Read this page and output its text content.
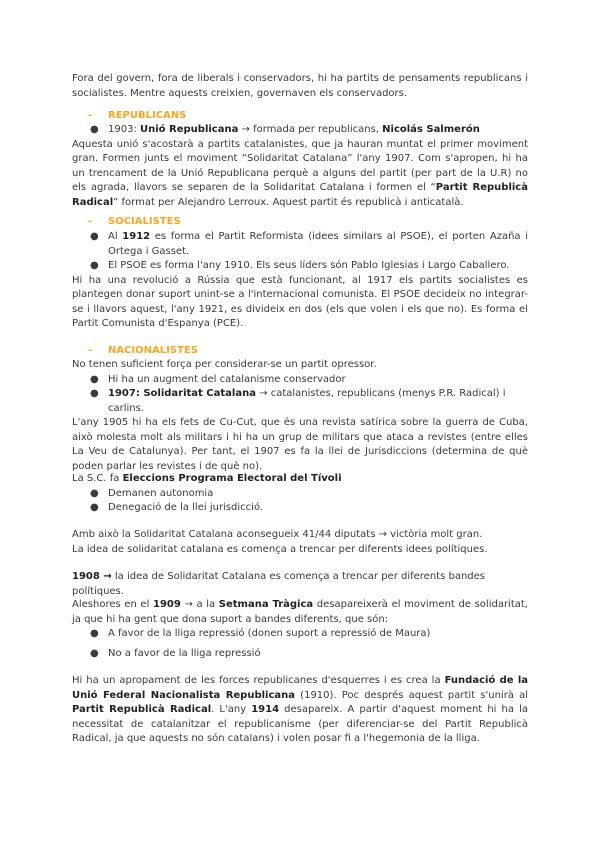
Fora del govern, fora de liberals i conservadors, hi ha partits de pensaments republicans i socialistes. Mentre aquests creixien, governaven els conservadors.
- REPUBLICANS
● 1903: Unió Republicana → formada per republicans, Nicolás Salmerón
Aquesta unió s'acostarà a partits catalanistes, que ja hauran muntat el primer moviment gran. Formen junts el moviment “Solidaritat Catalana” l'any 1907. Com s'apropen, hi ha un trencament de la Unió Republicana perquè a alguns del partit (per part de la U.R) no els agrada, llavors se separen de la Solidaritat Catalana i formen el “Partit Republicà Radical” format per Alejandro Lerroux. Aquest partit és republicà i anticatalà.
- SOCIALISTES
● Al 1912 es forma el Partit Reformista (idees similars al PSOE), el porten Azaña i Ortega i Gasset.
● El PSOE es forma l'any 1910. Els seus líders són Pablo Iglesias i Largo Caballero.
Hi ha una revolució a Rússia que està funcionant, al 1917 els partits socialistes es plantegen donar suport unint-se a l'internacional comunista. El PSOE decideix no integrar-se i llavors aquest, l'any 1921, es divideix en dos (els que volen i els que no). Es forma el Partit Comunista d'Espanya (PCE).
- NACIONALISTES
No tenen suficient força per considerar-se un partit opressor.
● Hi ha un augment del catalanisme conservador
● 1907: Solidaritat Catalana → catalanistes, republicans (menys P.R. Radical) i carlins.
L'any 1905 hi ha els fets de Cu-Cut, que és una revista satírica sobre la guerra de Cuba, això molesta molt als militars i hi ha un grup de militars que ataca a revistes (entre elles La Veu de Catalunya). Per tant, el 1907 es fa la llei de Jurisdiccions (determina de què poden parlar les revistes i de què no).
La S.C. fa Eleccions Programa Electoral del Tívoli
● Demanen autonomia
● Denegació de la llei jurisdicció.
Amb això la Solidaritat Catalana aconsegueix 41/44 diputats → victòria molt gran.
La idea de solidaritat catalana es comença a trencar per diferents idees polítiques.
1908 → la idea de Solidaritat Catalana es comença a trencar per diferents bandes polítiques.
Aleshores en el 1909 → a la Setmana Tràgica desapareixerà el moviment de solidaritat, ja que hi ha gent que dona suport a bandes diferents, que són:
● A favor de la lliga repressió (donen suport a repressió de Maura)
● No a favor de la lliga repressió
Hi ha un apropament de les forces republicanes d'esquerres i es crea la Fundació de la Unió Federal Nacionalista Republicana (1910). Poc després aquest partit s'unirà al Partit Republicà Radical. L'any 1914 desapareix. A partir d'aquest moment hi ha la necessitat de catalanitzar el republicanisme (per diferenciar-se del Partit Republicà Radical, ja que aquests no són catalans) i volen posar fi a l'hegemonia de la lliga.
